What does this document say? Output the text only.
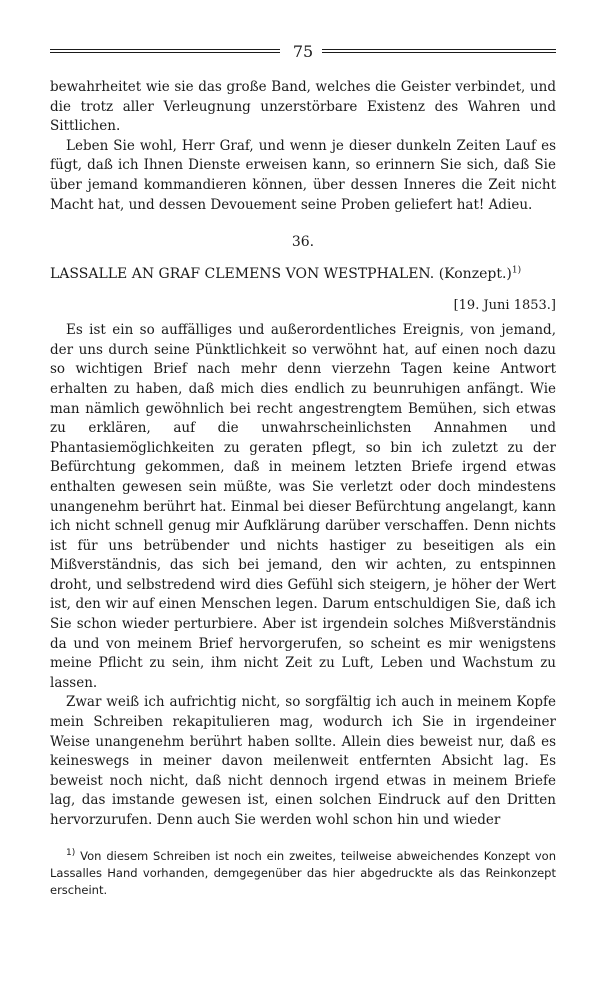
75

bewahrheitet wie sie das große Band, welches die Geister verbindet, und die trotz aller Verleugnung unzerstörbare Existenz des Wahren und Sittlichen.

Leben Sie wohl, Herr Graf, und wenn je dieser dunkeln Zeiten Lauf es fügt, daß ich Ihnen Dienste erweisen kann, so erinnern Sie sich, daß Sie über jemand kommandieren können, über dessen Inneres die Zeit nicht Macht hat, und dessen Devouement seine Proben geliefert hat! Adieu.

36.
LASSALLE AN GRAF CLEMENS VON WESTPHALEN. (Konzept.)$^{1)}$
[19. Juni 1853.]

Es ist ein so auffälliges und außerordentliches Ereignis, von jemand, der uns durch seine Pünktlichkeit so verwöhnt hat, auf einen noch dazu so wichtigen Brief nach mehr denn vierzehn Tagen keine Antwort erhalten zu haben, daß mich dies endlich zu beunruhigen anfängt. Wie man nämlich gewöhnlich bei recht angestrengtem Bemühen, sich etwas zu erklären, auf die unwahrscheinlichsten Annahmen und Phantasiemöglichkeiten zu geraten pflegt, so bin ich zuletzt zu der Befürchtung gekommen, daß in meinem letzten Briefe irgend etwas enthalten gewesen sein müßte, was Sie verletzt oder doch mindestens unangenehm berührt hat. Einmal bei dieser Befürchtung angelangt, kann ich nicht schnell genug mir Aufklärung darüber verschaffen. Denn nichts ist für uns betrübender und nichts hastiger zu beseitigen als ein Mißverständnis, das sich bei jemand, den wir achten, zu entspinnen droht, und selbstredend wird dies Gefühl sich steigern, je höher der Wert ist, den wir auf einen Menschen legen. Darum entschuldigen Sie, daß ich Sie schon wieder perturbiere. Aber ist irgendein solches Mißverständnis da und von meinem Brief hervorgerufen, so scheint es mir wenigstens meine Pflicht zu sein, ihm nicht Zeit zu Luft, Leben und Wachstum zu lassen.

Zwar weiß ich aufrichtig nicht, so sorgfältig ich auch in meinem Kopfe mein Schreiben rekapitulieren mag, wodurch ich Sie in irgendeiner Weise unangenehm berührt haben sollte. Allein dies beweist nur, daß es keineswegs in meiner davon meilenweit entfernten Absicht lag. Es beweist noch nicht, daß nicht dennoch irgend etwas in meinem Briefe lag, das imstande gewesen ist, einen solchen Eindruck auf den Dritten hervorzurufen. Denn auch Sie werden wohl schon hin und wieder

$^{1)}$ Von diesem Schreiben ist noch ein zweites, teilweise abweichendes Konzept von Lassalles Hand vorhanden, demgegenüber das hier abgedruckte als das Reinkonzept erscheint.
